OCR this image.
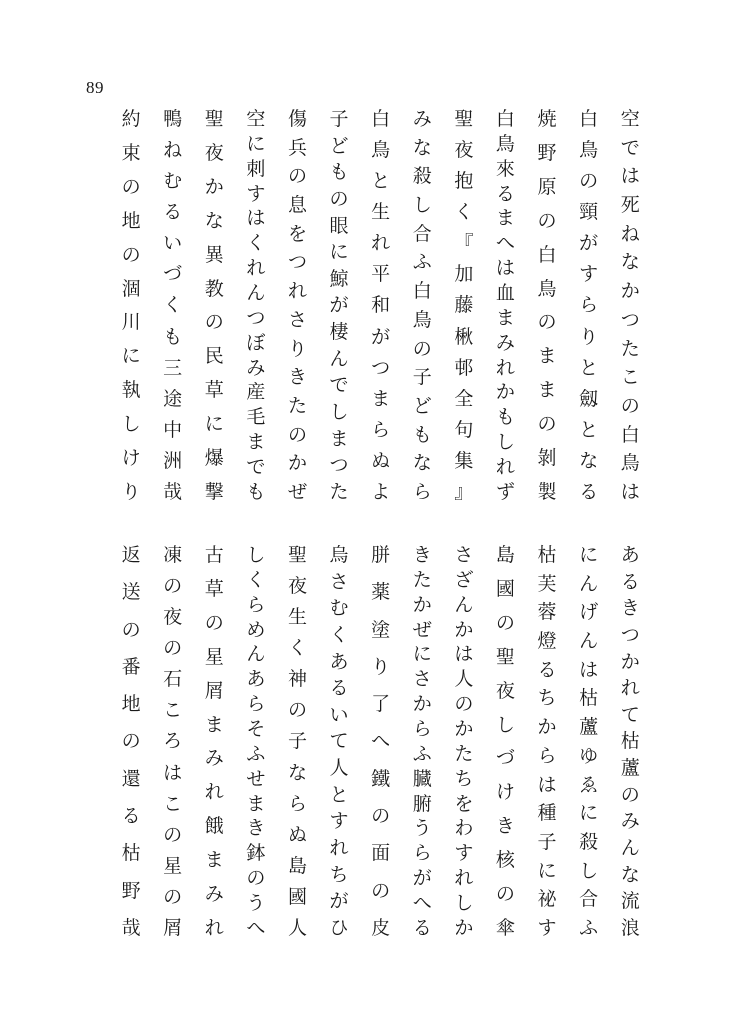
89
空
で
は
死
ね
な
か
つ
た
こ
の
白
鳥
は
白
鳥
の
頸
が
す
ら
り
と
劔
と
な
る
焼
野
原
の
白
鳥
の
ま
ま
の
剝
製
白
鳥
來
る
ま
へ
は
血
ま
み
れ
か
も
し
れ
ず
聖
夜
抱
く
『
加
藤
楸
邨
全
句
集
』
み
な
殺
し
合
ふ
白
鳥
の
子
ど
も
な
ら
白
鳥
と
生
れ
平
和
が
つ
ま
ら
ぬ
よ
子
ど
も
の
眼
に
鯨
が
棲
ん
で
し
ま
つ
た
傷
兵
の
息
を
つ
れ
さ
り
き
た
の
か
ぜ
空
に
刺
す
は
く
れ
ん
つ
ぼ
み
産
毛
ま
で
も
聖
夜
か
な
異
教
の
民
草
に
爆
撃
鴨
ね
む
る
い
づ
く
も
三
途
中
洲
哉
約
束
の
地
の
涸
川
に
執
し
け
り
あ
る
き
つ
か
れ
て
枯
蘆
の
み
ん
な
流
浪
に
ん
げ
ん
は
枯
蘆
ゆ
ゑ
に
殺
し
合
ふ
枯
芙
蓉
燈
る
ち
か
ら
は
種
子
に
祕
す
島
國
の
聖
夜
し
づ
け
き
核
の
傘
さ
ざ
ん
か
は
人
の
か
た
ち
を
わ
す
れ
し
か
き
た
か
ぜ
に
さ
か
ら
ふ
臓
腑
う
ら
が
へ
る
胼
薬
塗
り
了
へ
鐵
の
面
の
皮
烏
さ
む
く
あ
る
い
て
人
と
す
れ
ち
が
ひ
聖
夜
生
く
神
の
子
な
ら
ぬ
島
國
人
し
く
ら
め
ん
あ
ら
そ
ふ
せ
ま
き
鉢
の
う
へ
古
草
の
星
屑
ま
み
れ
餓
ま
み
れ
凍
の
夜
の
石
こ
ろ
は
こ
の
星
の
屑
返
送
の
番
地
の
還
る
枯
野
哉
